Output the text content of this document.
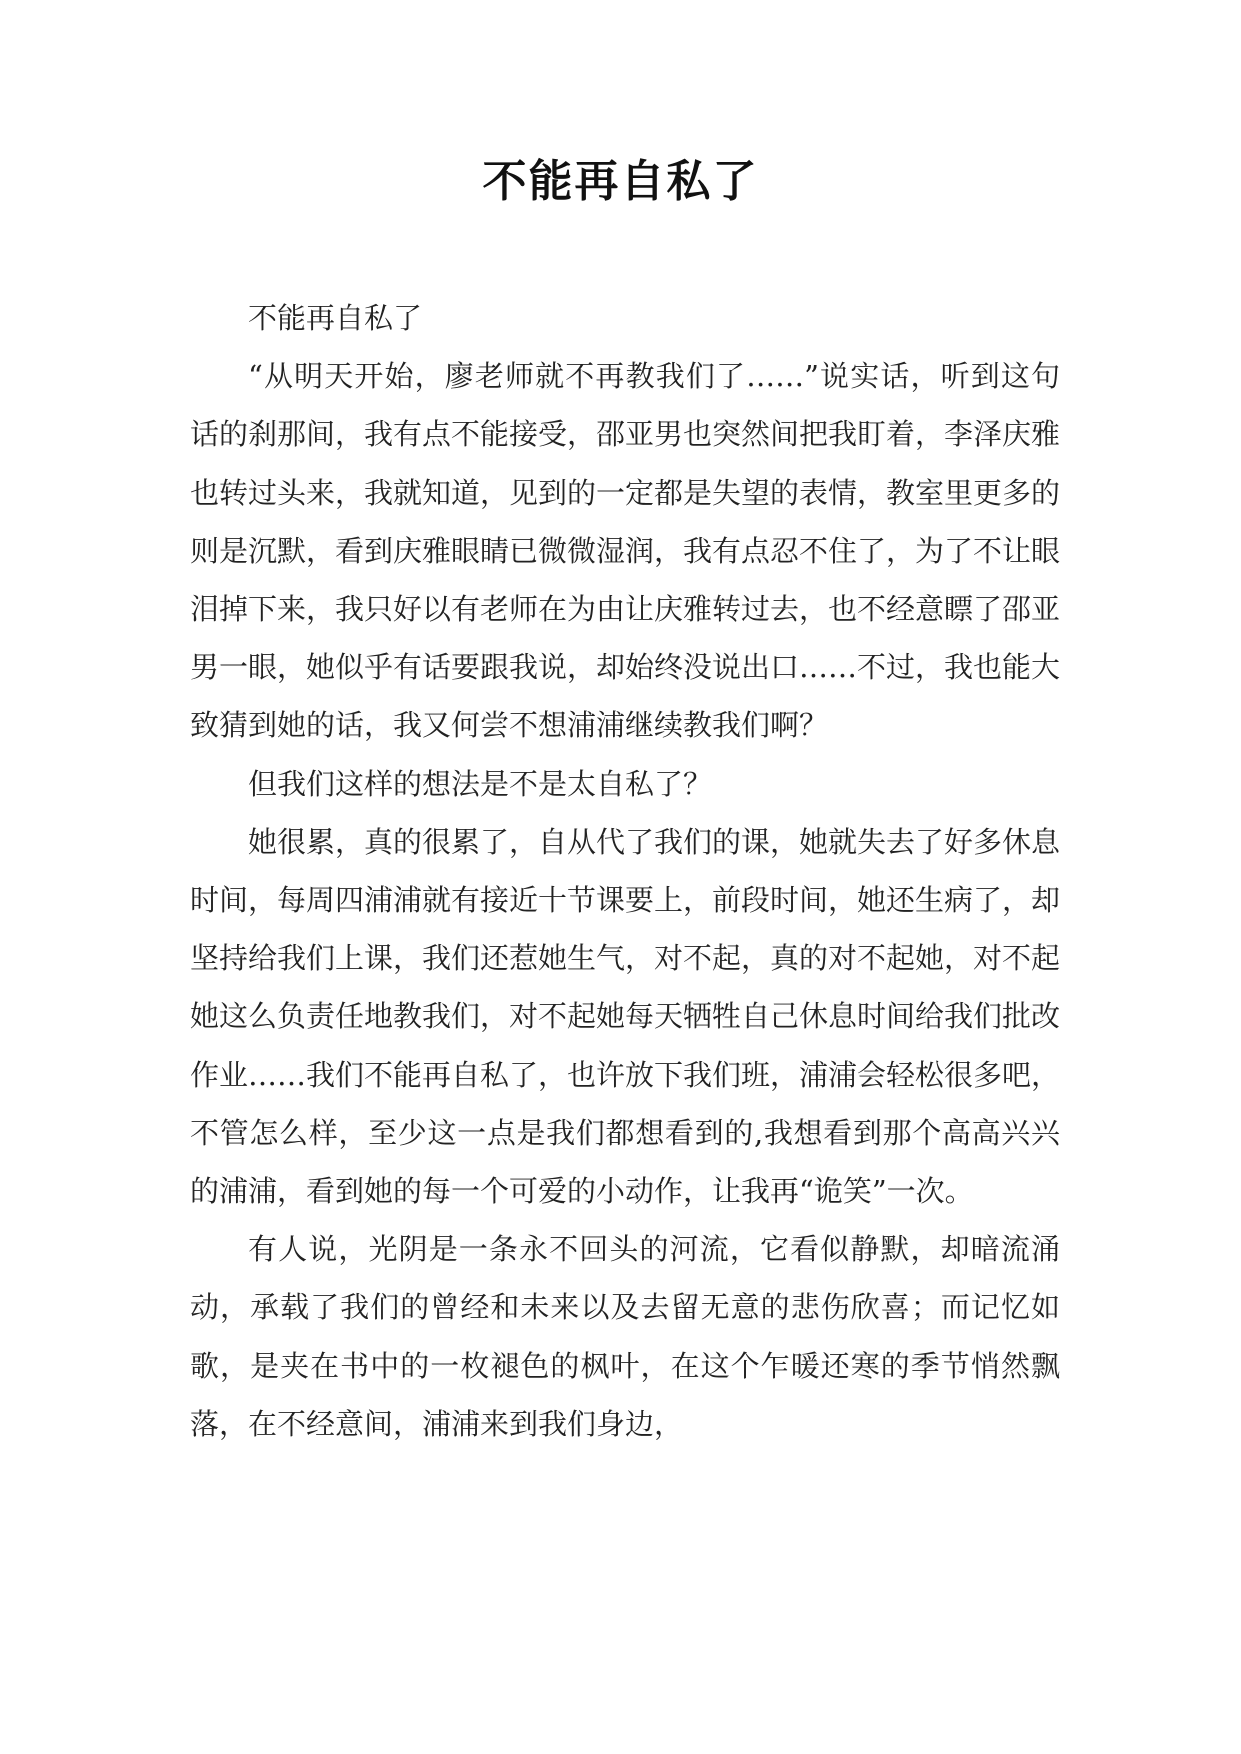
不能再自私了

不能再自私了

“从明天开始，廖老师就不再教我们了……”说实话，听到这句话的刹那间，我有点不能接受，邵亚男也突然间把我盯着，李泽庆雅也转过头来，我就知道，见到的一定都是失望的表情，教室里更多的则是沉默，看到庆雅眼睛已微微湿润，我有点忍不住了，为了不让眼泪掉下来，我只好以有老师在为由让庆雅转过去，也不经意瞟了邵亚男一眼，她似乎有话要跟我说，却始终没说出口……不过，我也能大致猜到她的话，我又何尝不想浦浦继续教我们啊？

但我们这样的想法是不是太自私了？

她很累，真的很累了，自从代了我们的课，她就失去了好多休息时间，每周四浦浦就有接近十节课要上，前段时间，她还生病了，却坚持给我们上课，我们还惹她生气，对不起，真的对不起她，对不起她这么负责任地教我们，对不起她每天牺牲自己休息时间给我们批改作业……我们不能再自私了，也许放下我们班，浦浦会轻松很多吧，不管怎么样，至少这一点是我们都想看到的,我想看到那个高高兴兴的浦浦，看到她的每一个可爱的小动作，让我再“诡笑”一次。

有人说，光阴是一条永不回头的河流，它看似静默，却暗流涌动，承载了我们的曾经和未来以及去留无意的悲伤欣喜；而记忆如歌，是夹在书中的一枚褪色的枫叶，在这个乍暖还寒的季节悄然飘落，在不经意间，浦浦来到我们身边，
